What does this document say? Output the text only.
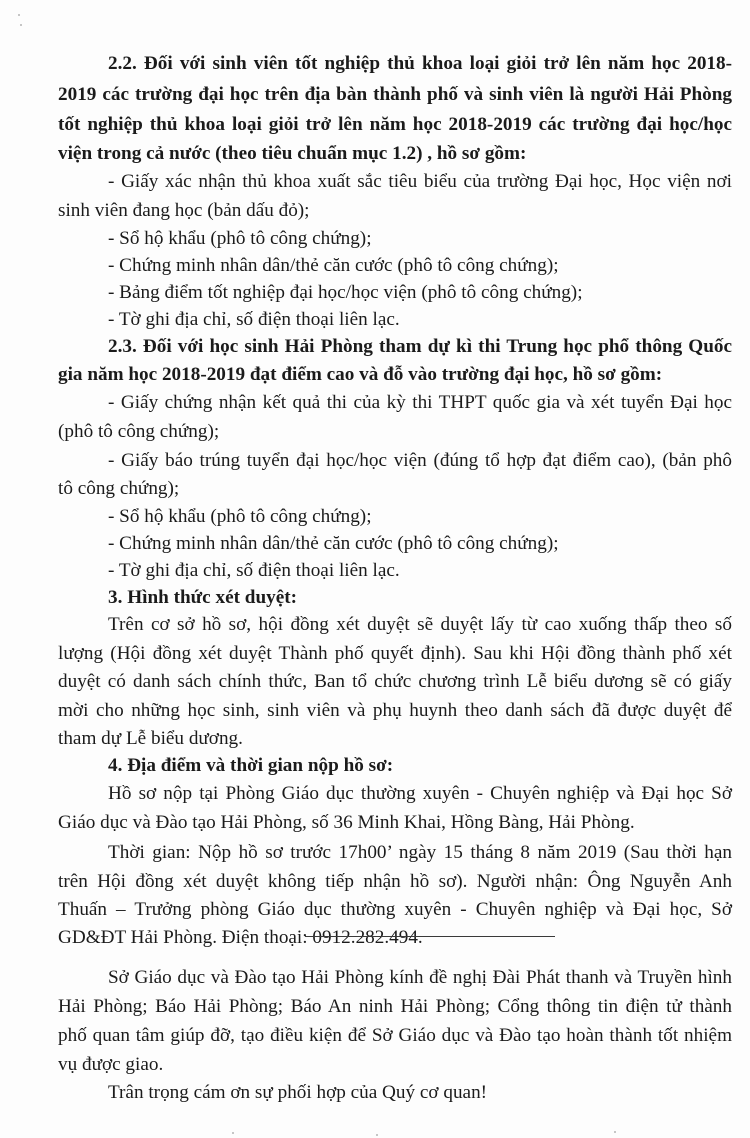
2.2. Đối với sinh viên tốt nghiệp thủ khoa loại giỏi trở lên năm học 2018-
2019 các trường đại học trên địa bàn thành phố và sinh viên là người Hải Phòng
tốt nghiệp thủ khoa loại giỏi trở lên năm học 2018-2019 các trường đại học/học
viện trong cả nước (theo tiêu chuẩn mục 1.2) , hồ sơ gồm:
- Giấy xác nhận thủ khoa xuất sắc tiêu biểu của trường Đại học, Học viện nơi
sinh viên đang học (bản dấu đỏ);
- Sổ hộ khẩu (phô tô công chứng);
- Chứng minh nhân dân/thẻ căn cước (phô tô công chứng);
- Bảng điểm tốt nghiệp đại học/học viện (phô tô công chứng);
- Tờ ghi địa chỉ, số điện thoại liên lạc.
2.3. Đối với học sinh Hải Phòng tham dự kì thi Trung học phổ thông Quốc
gia năm học 2018-2019 đạt điểm cao và đỗ vào trường đại học, hồ sơ gồm:
- Giấy chứng nhận kết quả thi của kỳ thi THPT quốc gia và xét tuyển Đại học
(phô tô công chứng);
- Giấy báo trúng tuyển đại học/học viện (đúng tổ hợp đạt điểm cao), (bản phô
tô công chứng);
- Sổ hộ khẩu (phô tô công chứng);
- Chứng minh nhân dân/thẻ căn cước (phô tô công chứng);
- Tờ ghi địa chỉ, số điện thoại liên lạc.
3. Hình thức xét duyệt:
Trên cơ sở hồ sơ, hội đồng xét duyệt sẽ duyệt lấy từ cao xuống thấp theo số
lượng (Hội đồng xét duyệt Thành phố quyết định). Sau khi Hội đồng thành phố xét
duyệt có danh sách chính thức, Ban tổ chức chương trình Lễ biểu dương sẽ có giấy
mời cho những học sinh, sinh viên và phụ huynh theo danh sách đã được duyệt để
tham dự Lễ biểu dương.
4. Địa điểm và thời gian nộp hồ sơ:
Hồ sơ nộp tại Phòng Giáo dục thường xuyên - Chuyên nghiệp và Đại học Sở
Giáo dục và Đào tạo Hải Phòng, số 36 Minh Khai, Hồng Bàng, Hải Phòng.
Thời gian: Nộp hồ sơ trước 17h00’ ngày 15 tháng 8 năm 2019 (Sau thời hạn
trên Hội đồng xét duyệt không tiếp nhận hồ sơ). Người nhận: Ông Nguyễn Anh
Thuấn – Trưởng phòng Giáo dục thường xuyên - Chuyên nghiệp và Đại học, Sở
GD&ĐT Hải Phòng. Điện thoại: 0912.282.494.
Sở Giáo dục và Đào tạo Hải Phòng kính đề nghị Đài Phát thanh và Truyền hình
Hải Phòng; Báo Hải Phòng; Báo An ninh Hải Phòng; Cổng thông tin điện tử thành
phố quan tâm giúp đỡ, tạo điều kiện để Sở Giáo dục và Đào tạo hoàn thành tốt nhiệm
vụ được giao.
Trân trọng cám ơn sự phối hợp của Quý cơ quan!
